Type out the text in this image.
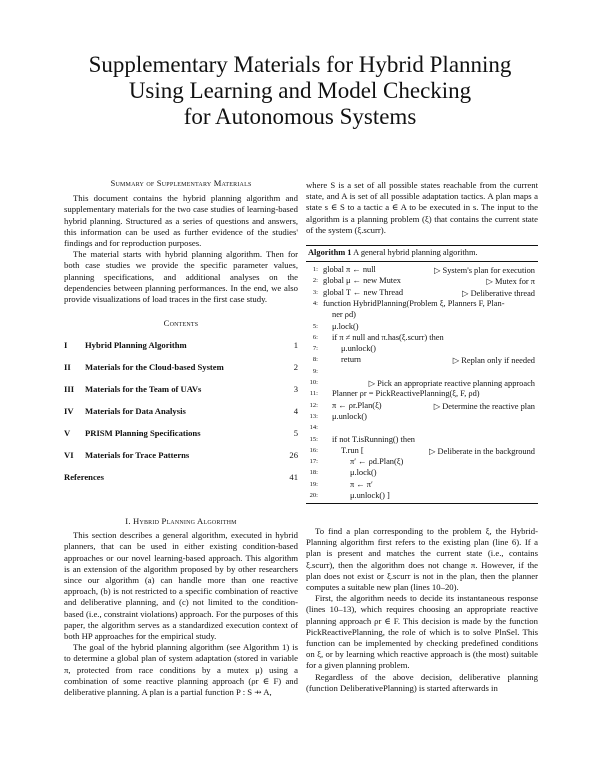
Supplementary Materials for Hybrid Planning
Using Learning and Model Checking
for Autonomous Systems
Summary of Supplementary Materials

This document contains the hybrid planning algorithm and supplementary materials for the two case studies of learning-based hybrid planning. Structured as a series of questions and answers, this information can be used as further evidence of the studies' findings and for reproduction purposes.

The material starts with hybrid planning algorithm. Then for both case studies we provide the specific parameter values, planning specifications, and additional analyses on the dependencies between planning performances. In the end, we also provide visualizations of load traces in the first case study.

Contents
I Hybrid Planning Algorithm	1
II Materials for the Cloud-based System	2
III Materials for the Team of UAVs	3
IV Materials for Data Analysis	4
V PRISM Planning Specifications	5
VI Materials for Trace Patterns	26
References	41
I. Hybrid Planning Algorithm

This section describes a general algorithm, executed in hybrid planners, that can be used in either existing condition-based approaches or our novel learning-based approach. This algorithm is an extension of the algorithm proposed by by other researchers since our algorithm (a) can handle more than one reactive approach, (b) is not restricted to a specific combination of reactive and deliberative planning, and (c) not limited to the condition-based (i.e., constraint violations) approach. For the purposes of this paper, the algorithm serves as a standardized execution context of both HP approaches for the empirical study.

The goal of the hybrid planning algorithm (see Algorithm 1) is to determine a global plan of system adaptation (stored in variable π, protected from race conditions by a mutex μ) using a combination of some reactive planning approach (ρr ∈ F) and deliberative planning. A plan is a partial function P : S ⇸ A,

where S is a set of all possible states reachable from the current state, and A is set of all possible adaptation tactics. A plan maps a state s ∈ S to a tactic a ∈ A to be executed in s. The input to the algorithm is a planning problem (ξ) that contains the current state of the system (ξ.scurr).

Algorithm 1 A general hybrid planning algorithm.
1: global π ← null	▷ System's plan for execution
2: global μ ← new Mutex	▷ Mutex for π
3: global T ← new Thread	▷ Deliberative thread
4: function HybridPlanning(Problem ξ, Planners F, Plan-
ner ρd)
5: μ.lock()
6: if π ≠ null and π.has(ξ.scurr) then
7:	μ.unlock()
8:	return	▷ Replan only if needed
9:
10:	▷ Pick an appropriate reactive planning approach
11: Planner ρr = PickReactivePlanning(ξ, F, ρd)
12: π ← ρr.Plan(ξ)	▷ Determine the reactive plan
13: μ.unlock()
14:
15: if not T.isRunning() then
16:	T.run [	▷ Deliberate in the background
17:	π′ ← ρd.Plan(ξ)
18:	μ.lock()
19:	π ← π′
20:	μ.unlock() ]

To find a plan corresponding to the problem ξ, the Hybrid-Planning algorithm first refers to the existing plan (line 6). If a plan is present and matches the current state (i.e., contains ξ.scurr), then the algorithm does not change π. However, if the plan does not exist or ξ.scurr is not in the plan, then the planner computes a suitable new plan (lines 10–20).

First, the algorithm needs to decide its instantaneous response (lines 10–13), which requires choosing an appropriate reactive planning approach ρr ∈ F. This decision is made by the function PickReactivePlanning, the role of which is to solve PlnSel. This function can be implemented by checking predefined conditions on ξ, or by learning which reactive approach is (the most) suitable for a given planning problem.

Regardless of the above decision, deliberative planning (function DeliberativePlanning) is started afterwards in
